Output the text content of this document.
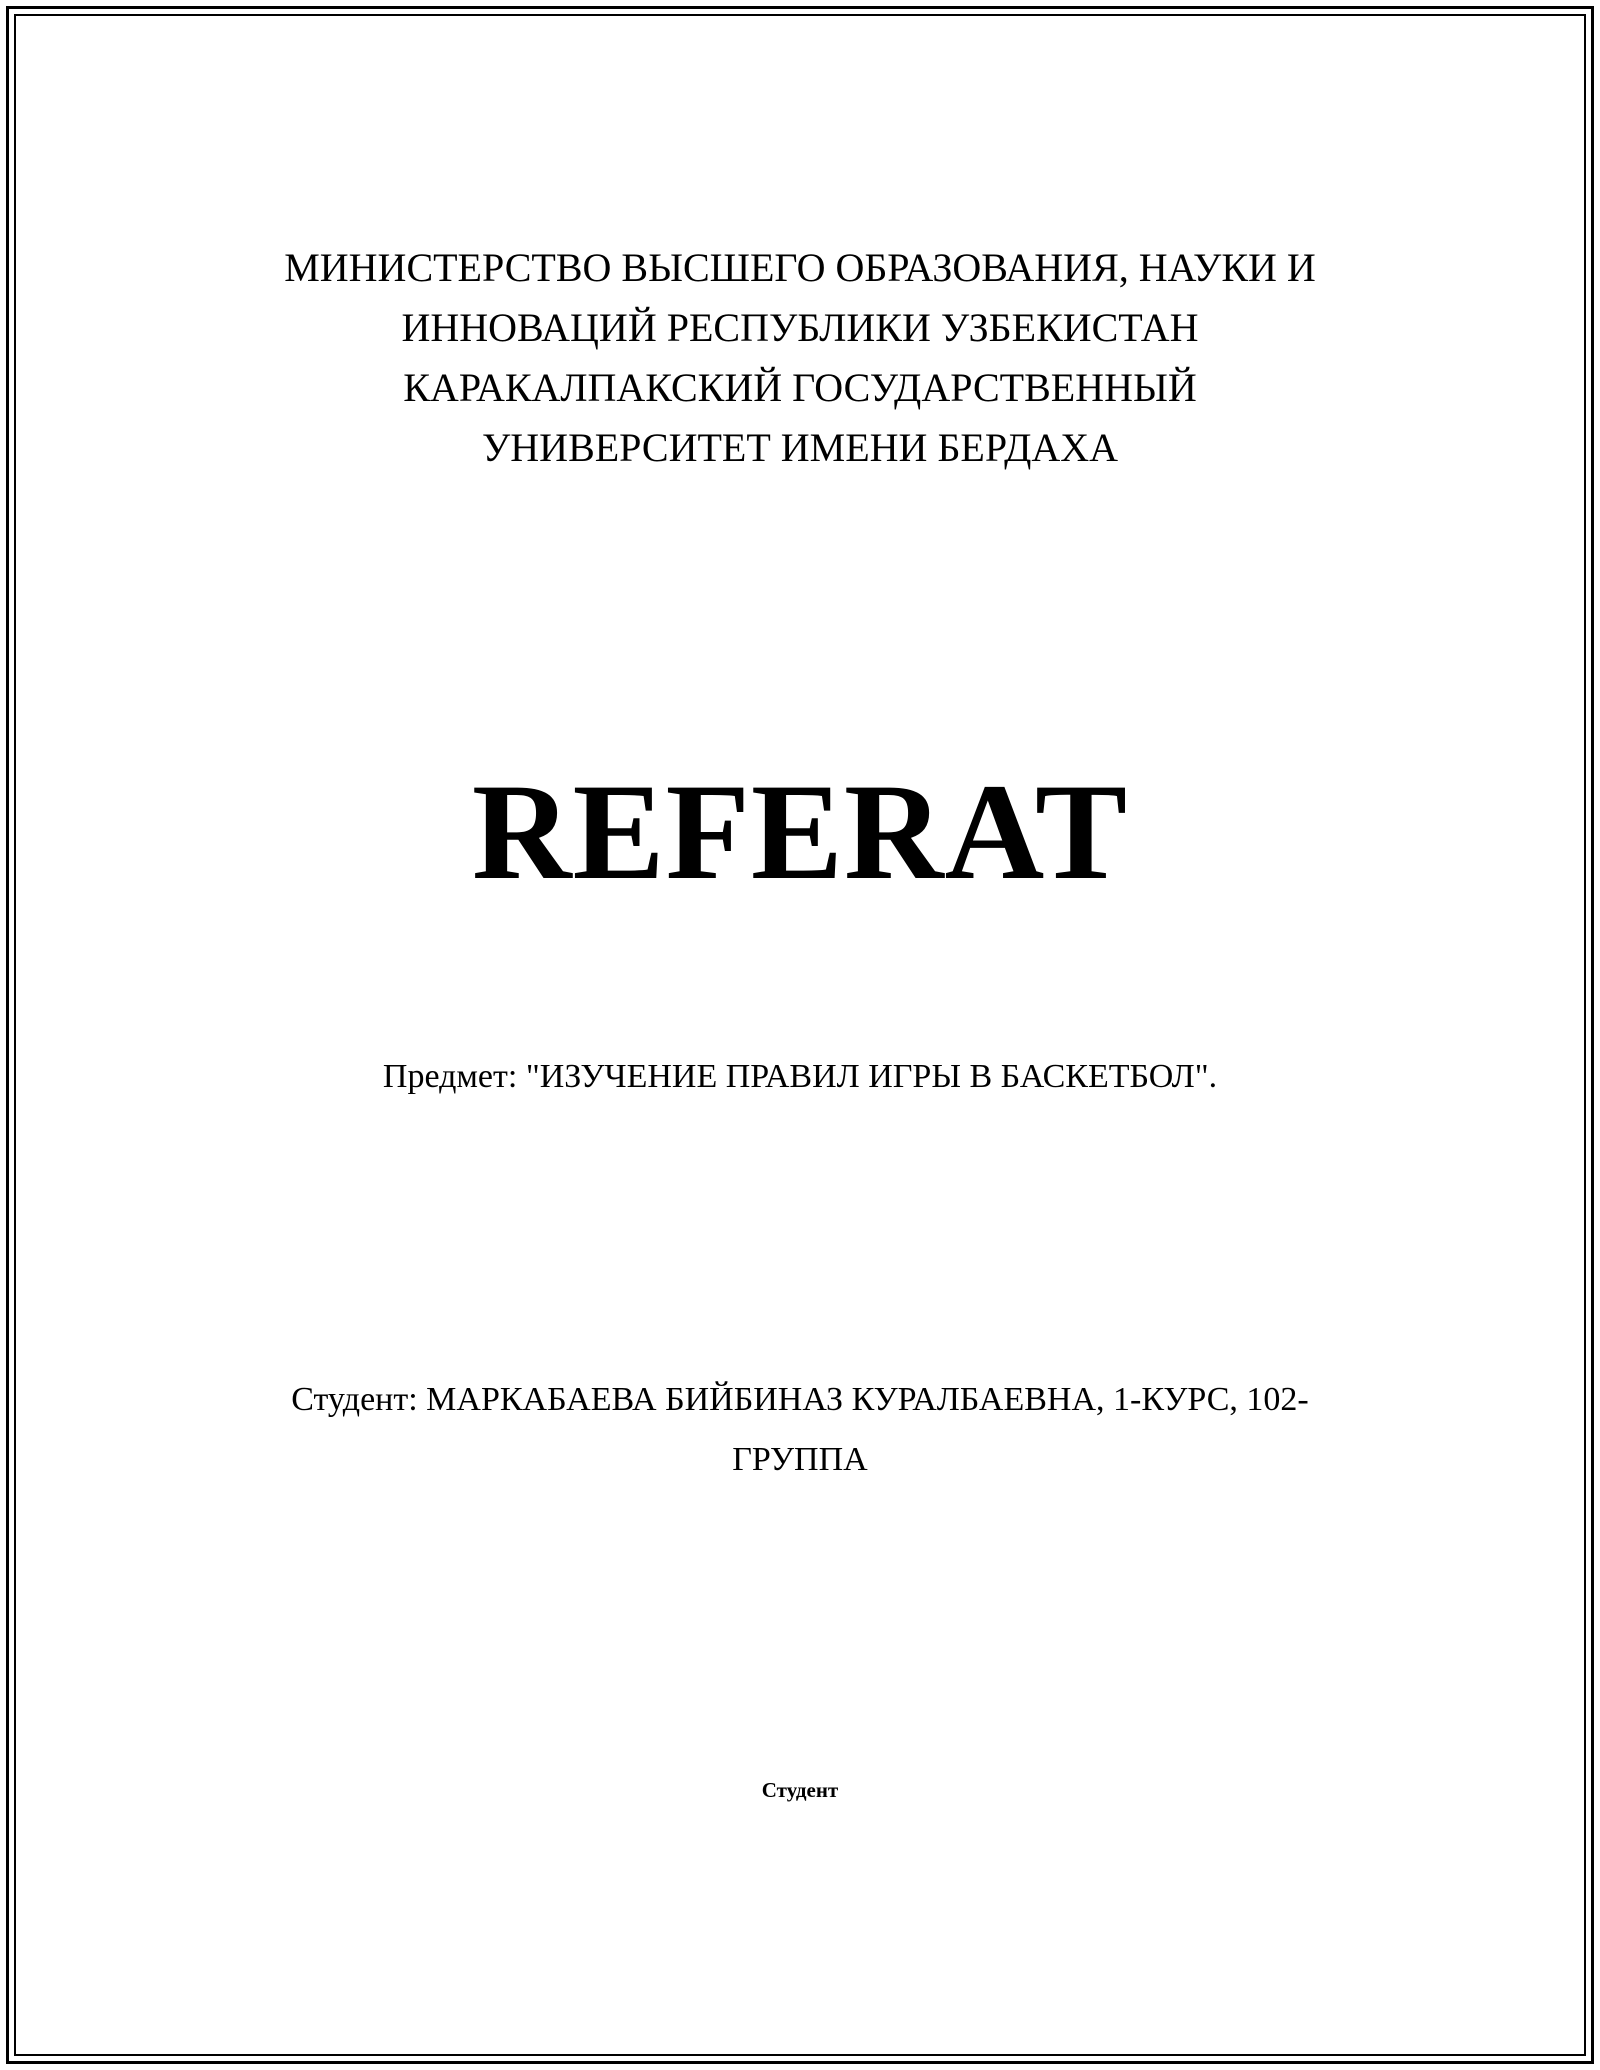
МИНИСТЕРСТВО ВЫСШЕГО ОБРАЗОВАНИЯ, НАУКИ И
ИННОВАЦИЙ РЕСПУБЛИКИ УЗБЕКИСТАН
КАРАКАЛПАКСКИЙ ГОСУДАРСТВЕННЫЙ
УНИВЕРСИТЕТ ИМЕНИ БЕРДАХА
REFERAT
Предмет: "ИЗУЧЕНИЕ ПРАВИЛ ИГРЫ В БАСКЕТБОЛ".
Студент: МАРКАБАЕВА БИЙБИНАЗ КУРАЛБАЕВНА, 1-КУРС, 102-
ГРУППА
Студент
